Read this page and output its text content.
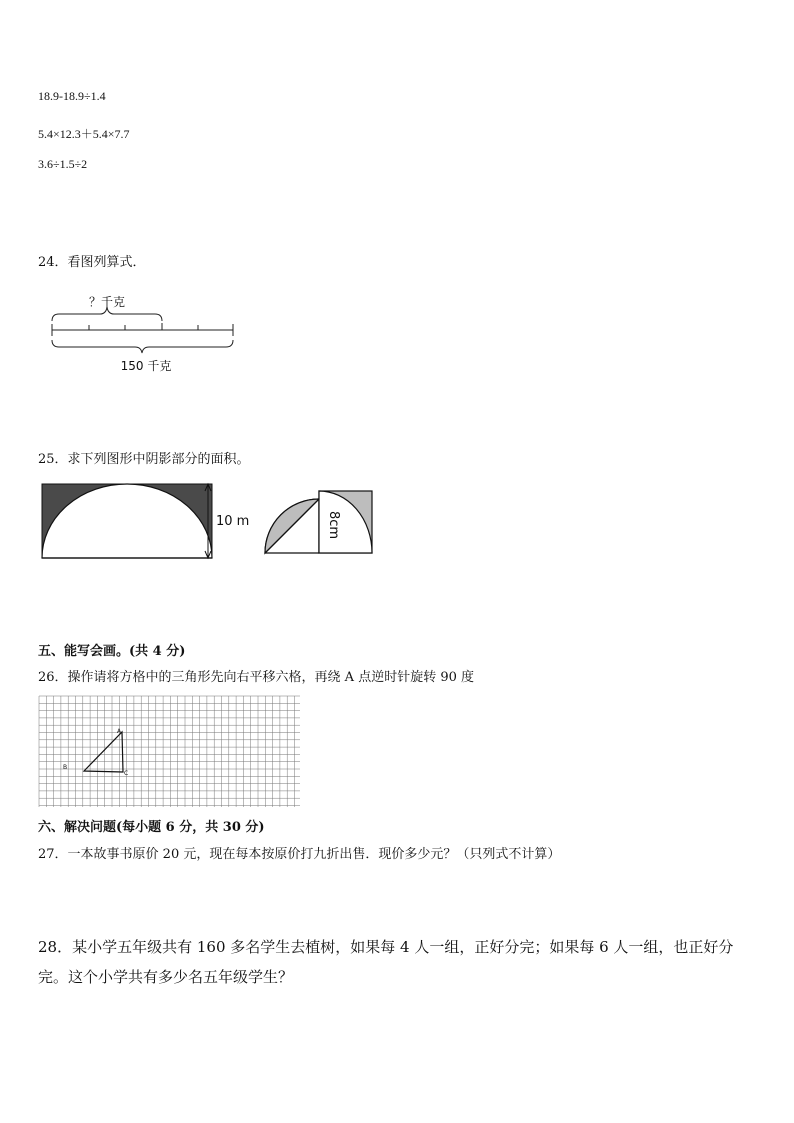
18.9-18.9÷1.4
5.4×12.3＋5.4×7.7
3.6÷1.5÷2
24．看图列算式．
？千克
150 千克
25．求下列图形中阴影部分的面积。
10 m	8cm
五、能写会画。(共 4 分)
26．操作请将方格中的三角形先向右平移六格，再绕 A 点逆时针旋转 90 度
A
B
C
六、解决问题(每小题 6 分，共 30 分)
27．一本故事书原价 20 元，现在每本按原价打九折出售．现价多少元？（只列式不计算）
28．某小学五年级共有 160 多名学生去植树，如果每 4 人一组，正好分完；如果每 6 人一组，也正好分
完。这个小学共有多少名五年级学生？
